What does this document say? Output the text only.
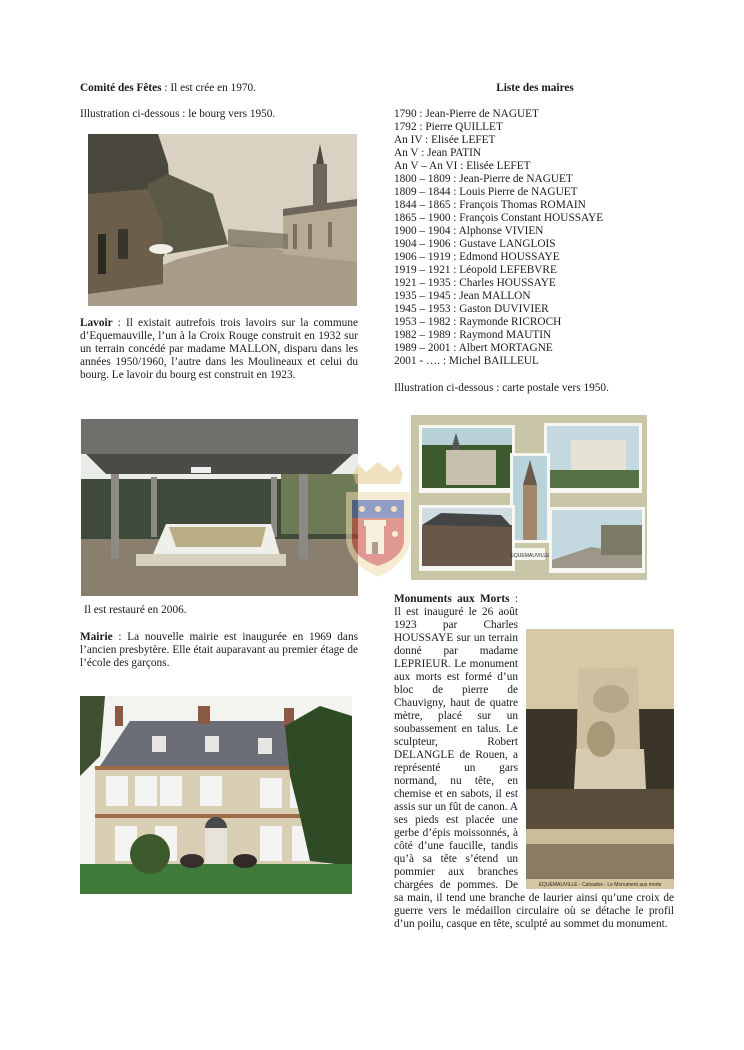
Comité des Fêtes : Il est crée en 1970.
Illustration ci-dessous : le bourg vers 1950.
Lavoir : Il existait autrefois trois lavoirs sur la commune d’Equemauville, l’un à la Croix Rouge construit en 1932 sur un terrain concédé par madame MALLON, disparu dans les années 1950/1960, l’autre dans les Moulineaux et celui du bourg. Le lavoir du bourg est construit en 1923.
Il est restauré en 2006.
Mairie : La nouvelle mairie est inaugurée en 1969 dans l’ancien presbytère. Elle était auparavant au premier étage de l’école des garçons.
Liste des maires
1790 : Jean-Pierre de NAGUET
1792 : Pierre QUILLET
An IV : Elisée LEFET
An V : Jean PATIN
An V – An VI : Elisée LEFET
1800 – 1809 : Jean-Pierre de NAGUET
1809 – 1844 : Louis Pierre de NAGUET
1844 – 1865 : François Thomas ROMAIN
1865 – 1900 : François Constant HOUSSAYE
1900 – 1904 : Alphonse VIVIEN
1904 – 1906 : Gustave LANGLOIS
1906 – 1919 : Edmond HOUSSAYE
1919 – 1921 : Léopold LEFEBVRE
1921 – 1935 : Charles HOUSSAYE
1935 – 1945 : Jean MALLON
1945 – 1953 : Gaston DUVIVIER
1953 – 1982 : Raymonde RICROCH
1982 – 1989 : Raymond MAUTIN
1989 – 2001 : Albert MORTAGNE
2001 - …. : Michel BAILLEUL
Illustration ci-dessous : carte postale vers 1950.
EQUEMAUVILLE
EQUEMAUVILLE - Calvados - Le Monument aux morts
Monuments aux Morts : Il est inauguré le 26 août 1923 par Charles HOUSSAYE sur un terrain donné par madame LEPRIEUR. Le monument aux morts est formé d’un bloc de pierre de Chauvigny, haut de quatre mètre, placé sur un soubassement en talus. Le sculpteur, Robert DELANGLE de Rouen, a représenté un gars normand, nu tête, en chemise et en sabots, il est assis sur un fût de canon. A ses pieds est placée une gerbe d’épis moissonnés, à côté d’une faucille, tandis qu’à sa tête s’étend un pommier aux branches chargées de pommes. De sa main, il tend une branche de laurier ainsi qu’une croix de guerre vers le médaillon circulaire où se détache le profil d’un poilu, casque en tête, sculpté au sommet du monument.
